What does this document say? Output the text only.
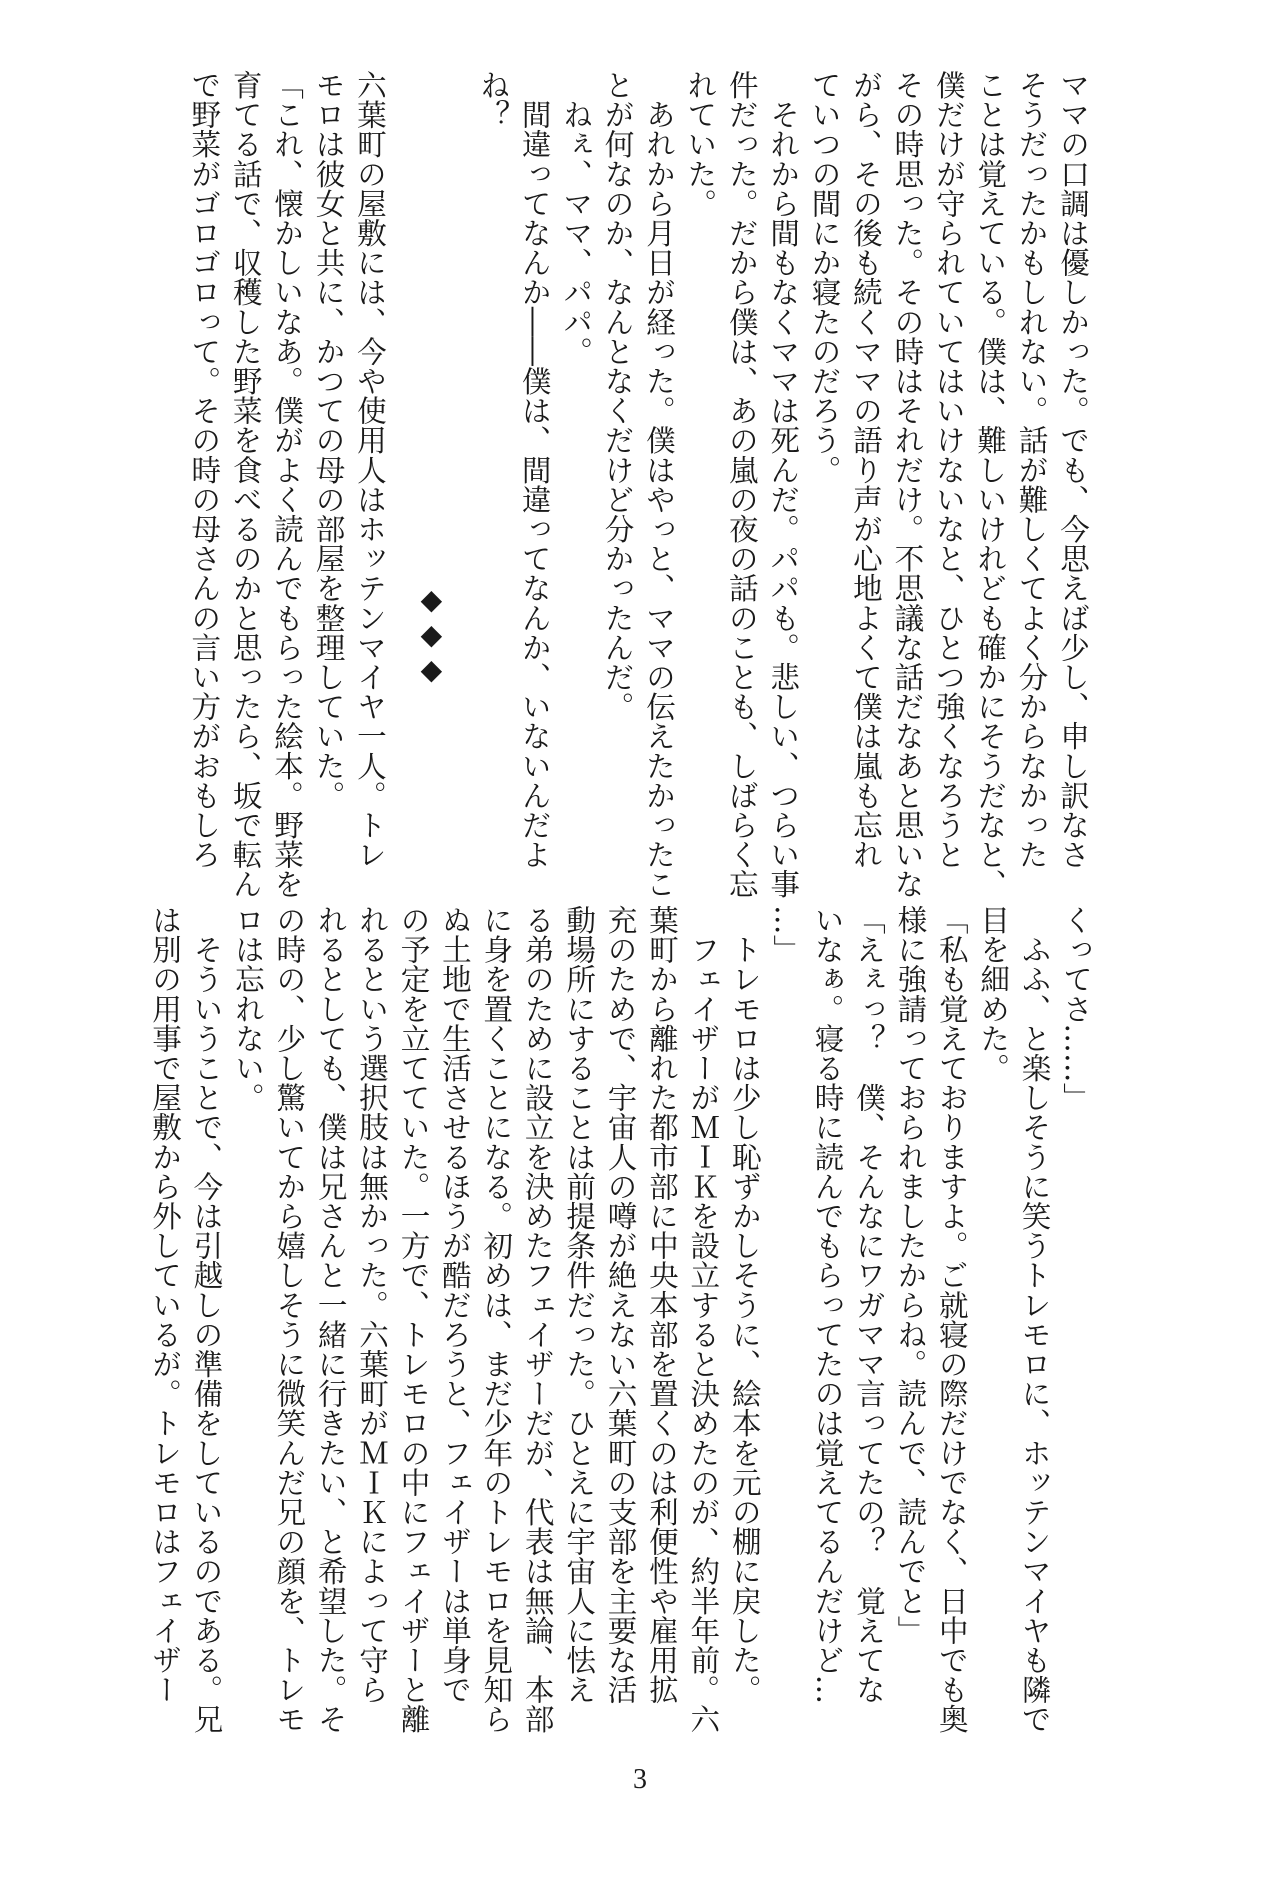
ママの口調は優しかった。でも、今思えば少し、申し訳なさ
そうだったかもしれない。話が難しくてよく分からなかった
ことは覚えている。僕は、難しいけれども確かにそうだなと、
僕だけが守られていてはいけないなと、ひとつ強くなろうと
その時思った。その時はそれだけ。不思議な話だなあと思いな
がら、その後も続くママの語り声が心地よくて僕は嵐も忘れ
ていつの間にか寝たのだろう。
　それから間もなくママは死んだ。パパも。悲しい、つらい事
件だった。だから僕は、あの嵐の夜の話のことも、しばらく忘
れていた。
　あれから月日が経った。僕はやっと、ママの伝えたかったこ
とが何なのか、なんとなくだけど分かったんだ。
　ねぇ、ママ、パパ。
　間違ってなんか――僕は、間違ってなんか、いないんだよ
ね？
◆◆◆
六葉町の屋敷には、今や使用人はホッテンマイヤ一人。トレ
モロは彼女と共に、かつての母の部屋を整理していた。
「これ、懐かしいなあ。僕がよく読んでもらった絵本。野菜を
育てる話で、収穫した野菜を食べるのかと思ったら、坂で転ん
で野菜がゴロゴロって。その時の母さんの言い方がおもしろ
くってさ……」
　ふふ、と楽しそうに笑うトレモロに、ホッテンマイヤも隣で
目を細めた。
「私も覚えておりますよ。ご就寝の際だけでなく、日中でも奥
様に強請っておられましたからね。読んで、読んでと」
「えぇっ？　僕、そんなにワガママ言ってたの？　覚えてな
いなぁ。寝る時に読んでもらってたのは覚えてるんだけど…
…」
　トレモロは少し恥ずかしそうに、絵本を元の棚に戻した。
　フェイザーがＭＩＫを設立すると決めたのが、約半年前。六
葉町から離れた都市部に中央本部を置くのは利便性や雇用拡
充のためで、宇宙人の噂が絶えない六葉町の支部を主要な活
動場所にすることは前提条件だった。ひとえに宇宙人に怯え
る弟のために設立を決めたフェイザーだが、代表は無論、本部
に身を置くことになる。初めは、まだ少年のトレモロを見知ら
ぬ土地で生活させるほうが酷だろうと、フェイザーは単身で
の予定を立てていた。一方で、トレモロの中にフェイザーと離
れるという選択肢は無かった。六葉町がＭＩＫによって守ら
れるとしても、僕は兄さんと一緒に行きたい、と希望した。そ
の時の、少し驚いてから嬉しそうに微笑んだ兄の顔を、トレモ
ロは忘れない。
　そういうことで、今は引越しの準備をしているのである。兄
は別の用事で屋敷から外しているが。トレモロはフェイザー
3
